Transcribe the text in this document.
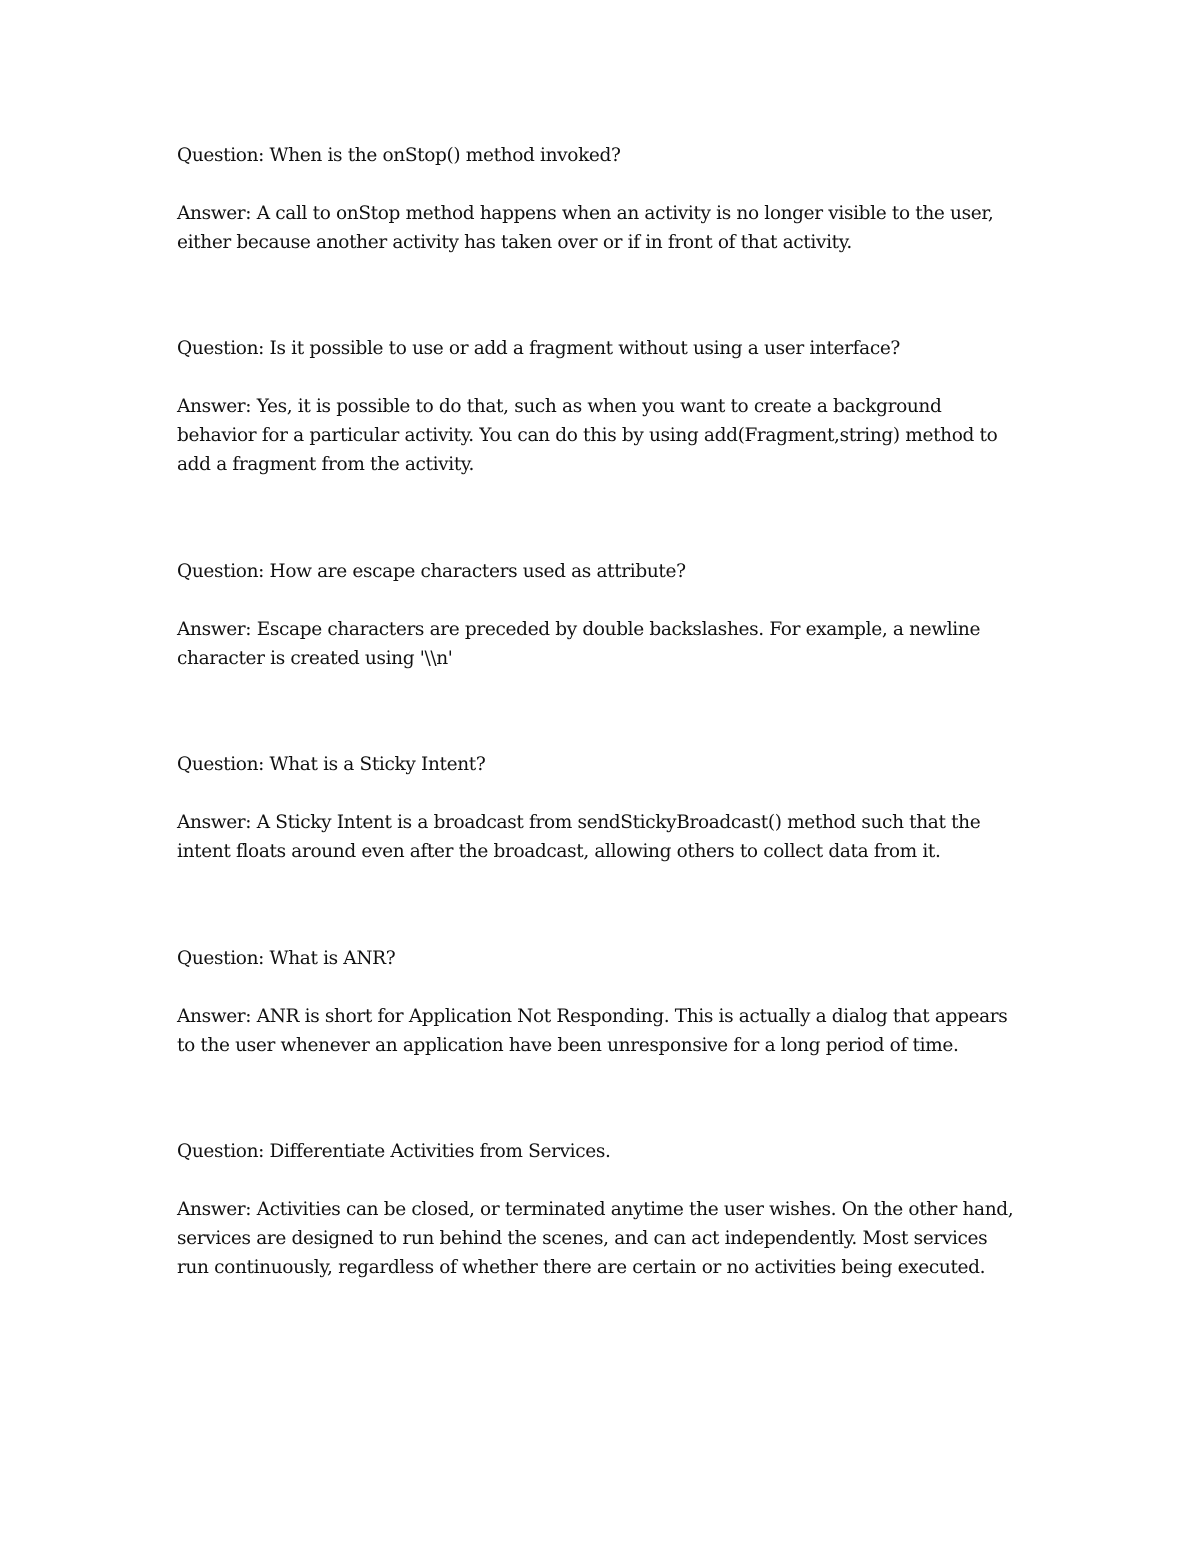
Question: When is the onStop() method invoked?

Answer: A call to onStop method happens when an activity is no longer visible to the user,
either because another activity has taken over or if in front of that activity.

Question: Is it possible to use or add a fragment without using a user interface?

Answer: Yes, it is possible to do that, such as when you want to create a background
behavior for a particular activity. You can do this by using add(Fragment,string) method to
add a fragment from the activity.

Question: How are escape characters used as attribute?

Answer: Escape characters are preceded by double backslashes. For example, a newline
character is created using '\\n'

Question: What is a Sticky Intent?

Answer: A Sticky Intent is a broadcast from sendStickyBroadcast() method such that the
intent floats around even after the broadcast, allowing others to collect data from it.

Question: What is ANR?

Answer: ANR is short for Application Not Responding. This is actually a dialog that appears
to the user whenever an application have been unresponsive for a long period of time.

Question: Differentiate Activities from Services.

Answer: Activities can be closed, or terminated anytime the user wishes. On the other hand,
services are designed to run behind the scenes, and can act independently. Most services
run continuously, regardless of whether there are certain or no activities being executed.
